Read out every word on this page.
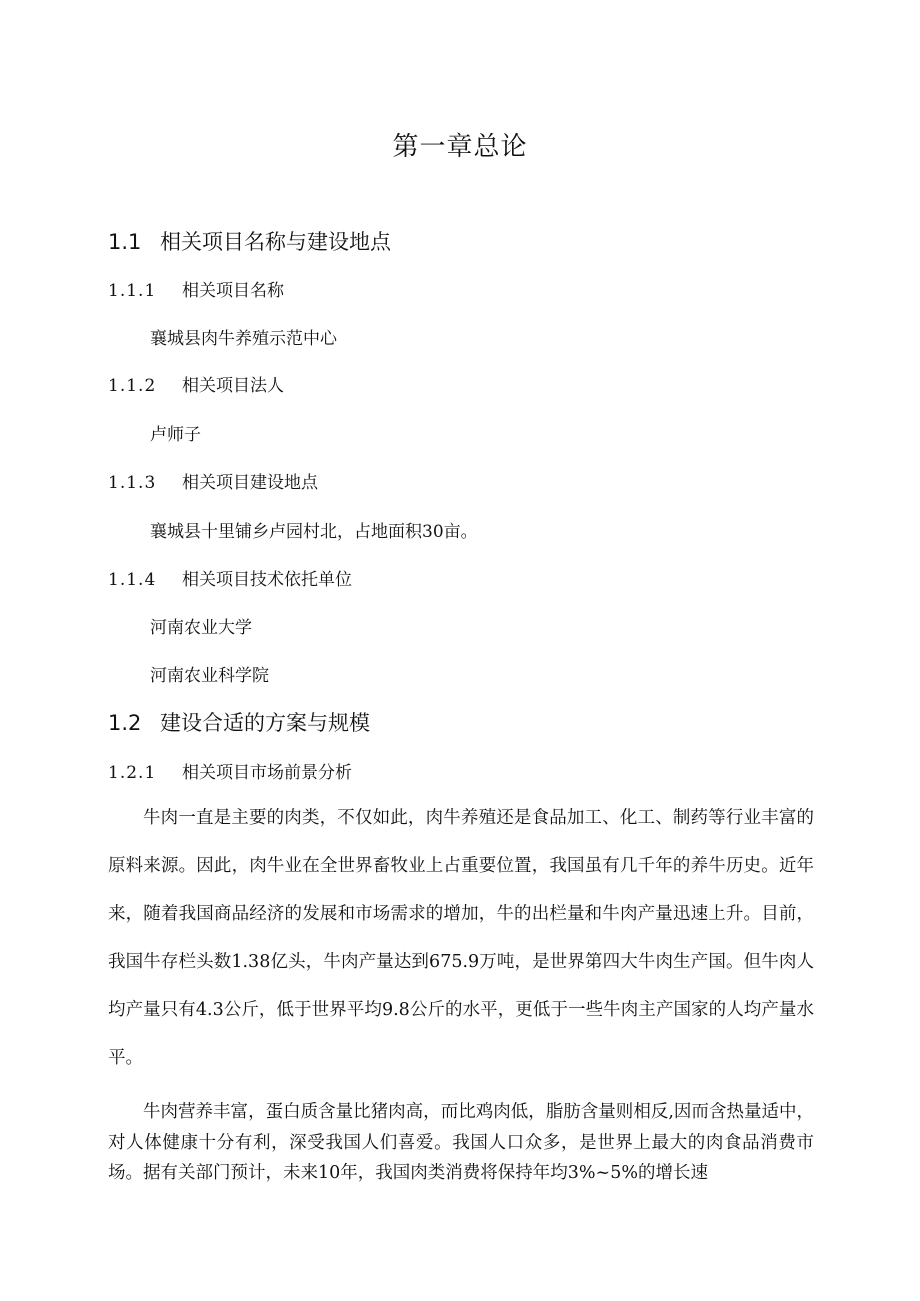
第一章总论
1.1 相关项目名称与建设地点
1.1.1 相关项目名称
襄城县肉牛养殖示范中心
1.1.2 相关项目法人
卢师子
1.1.3 相关项目建设地点
襄城县十里铺乡卢园村北，占地面积30亩。
1.1.4 相关项目技术依托单位
河南农业大学
河南农业科学院
1.2 建设合适的方案与规模
1.2.1 相关项目市场前景分析

牛肉一直是主要的肉类，不仅如此，肉牛养殖还是食品加工、化工、制药等行业丰富的原料来源。因此，肉牛业在全世界畜牧业上占重要位置，我国虽有几千年的养牛历史。近年来，随着我国商品经济的发展和市场需求的增加，牛的出栏量和牛肉产量迅速上升。目前，我国牛存栏头数1.38亿头，牛肉产量达到675.9万吨，是世界第四大牛肉生产国。但牛肉人均产量只有4.3公斤，低于世界平均9.8公斤的水平，更低于一些牛肉主产国家的人均产量水平。

牛肉营养丰富，蛋白质含量比猪肉高，而比鸡肉低，脂肪含量则相反,因而含热量适中，对人体健康十分有利，深受我国人们喜爱。我国人口众多，是世界上最大的肉食品消费市场。据有关部门预计，未来10年，我国肉类消费将保持年均3%~5%的增长速
